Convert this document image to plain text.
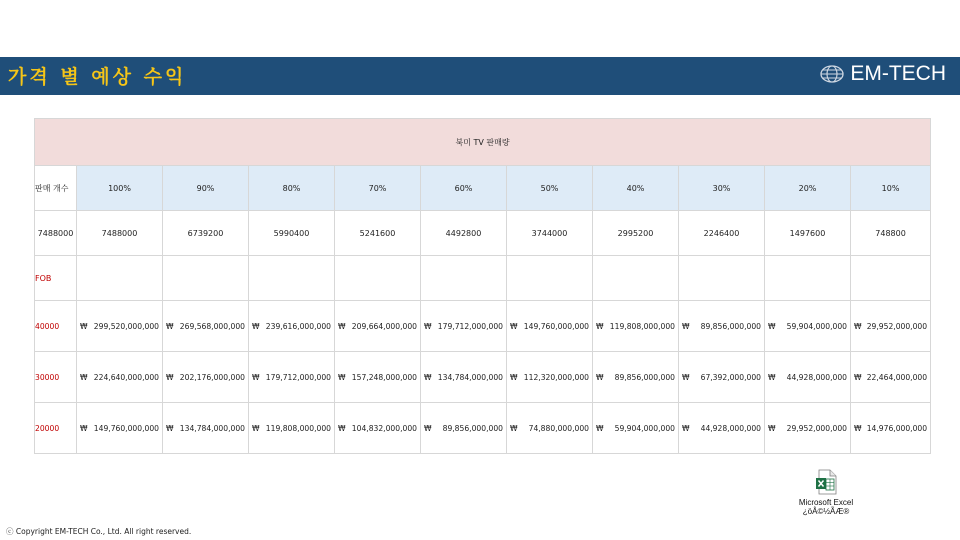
가격 별 예상 수익	EM-TECH
북미 TV 판매량										
판매 개수	100%	90%	80%	70%	60%	50%	40%	30%	20%	10%
7488000	7488000	6739200	5990400	5241600	4492800	3744000	2995200	2246400	1497600	748800
FOB										
40000	₩ 299,520,000,000	₩ 269,568,000,000	₩ 239,616,000,000	₩ 209,664,000,000	₩ 179,712,000,000	₩ 149,760,000,000	₩ 119,808,000,000	₩ 89,856,000,000	₩ 59,904,000,000	₩ 29,952,000,000
30000	₩ 224,640,000,000	₩ 202,176,000,000	₩ 179,712,000,000	₩ 157,248,000,000	₩ 134,784,000,000	₩ 112,320,000,000	₩ 89,856,000,000	₩ 67,392,000,000	₩ 44,928,000,000	₩ 22,464,000,000
20000	₩ 149,760,000,000	₩ 134,784,000,000	₩ 119,808,000,000	₩ 104,832,000,000	₩ 89,856,000,000	₩ 74,880,000,000	₩ 59,904,000,000	₩ 44,928,000,000	₩ 29,952,000,000	₩ 14,976,000,000
Microsoft Excel
¿öÅ©½ÃÆ®
ⓒ Copyright EM-TECH Co., Ltd. All right reserved.
